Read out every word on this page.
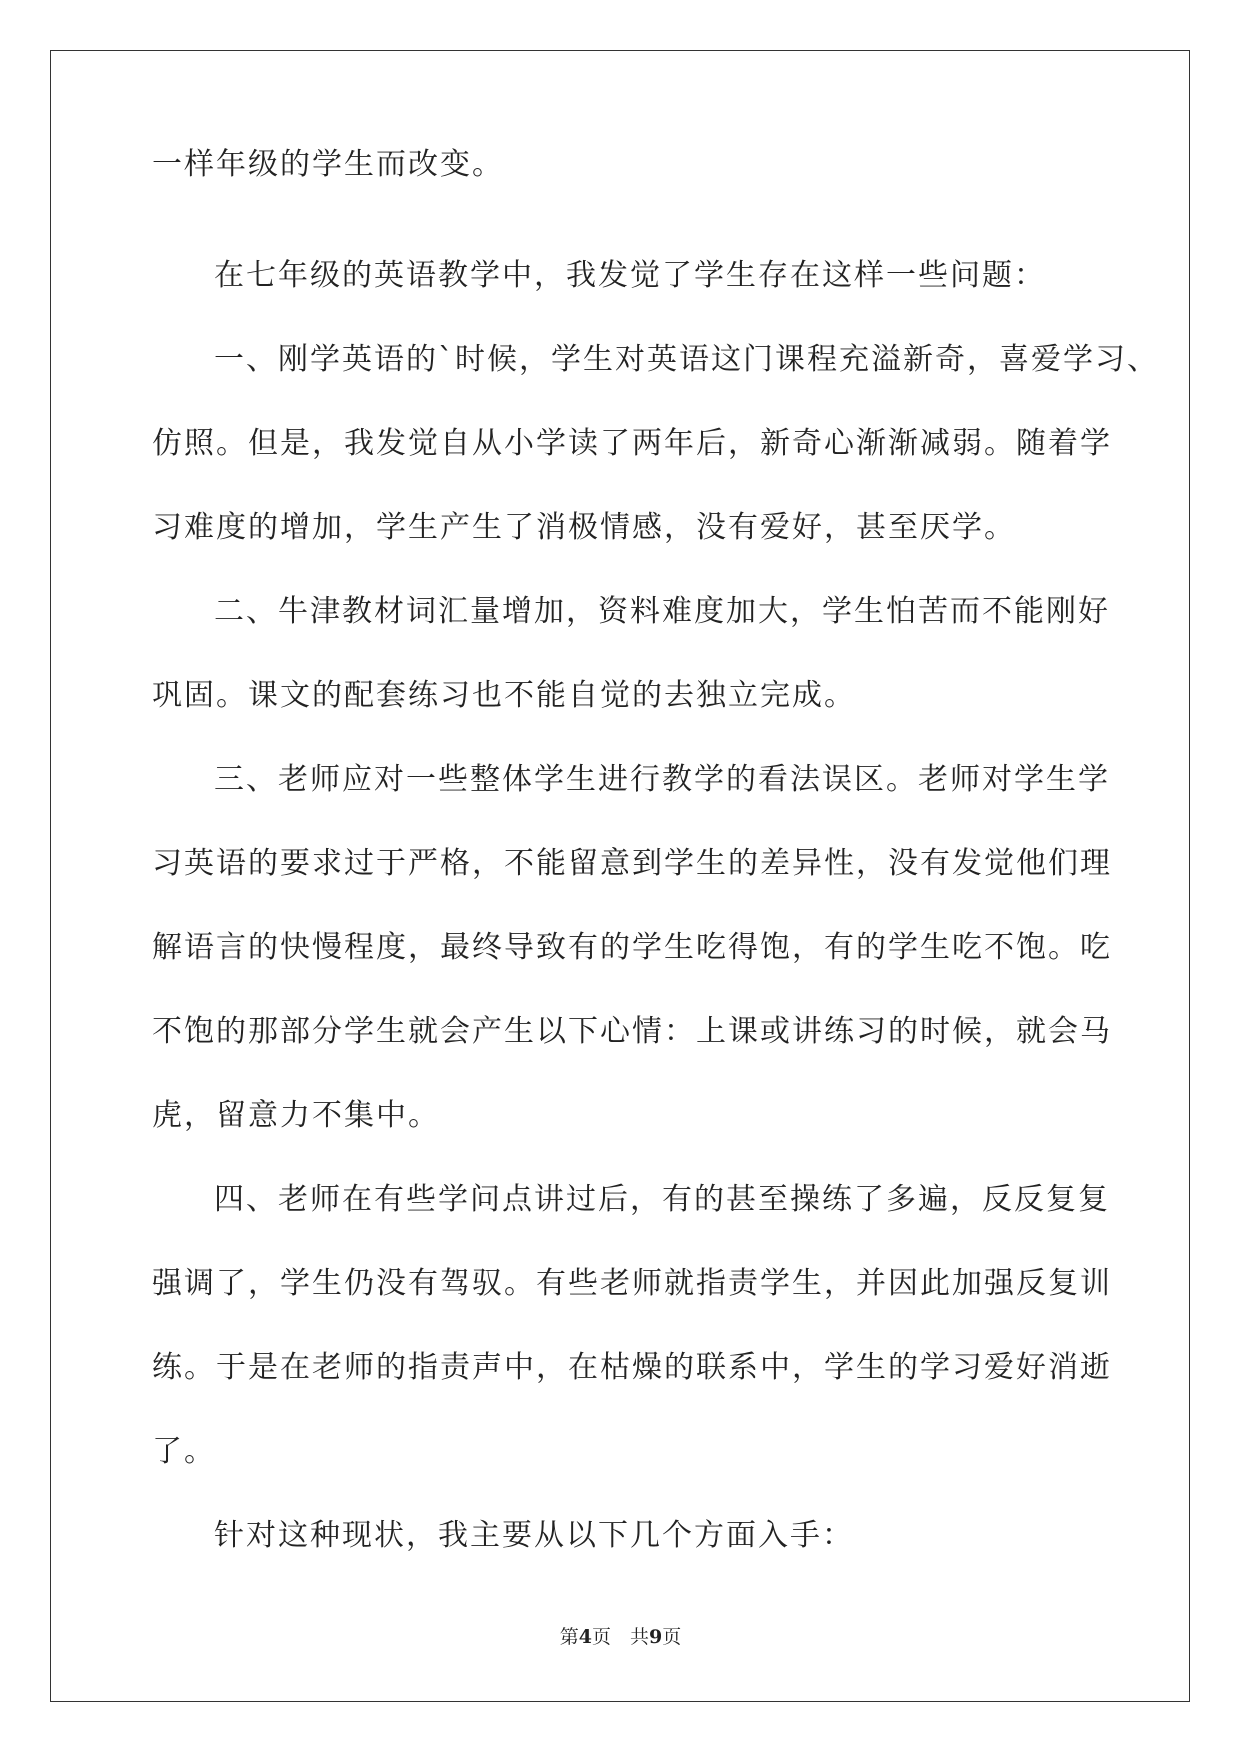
一样年级的学生而改变。
在七年级的英语教学中，我发觉了学生存在这样一些问题：
一、刚学英语的`时候，学生对英语这门课程充溢新奇，喜爱学习、
仿照。但是，我发觉自从小学读了两年后，新奇心渐渐减弱。随着学
习难度的增加，学生产生了消极情感，没有爱好，甚至厌学。
二、牛津教材词汇量增加，资料难度加大，学生怕苦而不能刚好
巩固。课文的配套练习也不能自觉的去独立完成。
三、老师应对一些整体学生进行教学的看法误区。老师对学生学
习英语的要求过于严格，不能留意到学生的差异性，没有发觉他们理
解语言的快慢程度，最终导致有的学生吃得饱，有的学生吃不饱。吃
不饱的那部分学生就会产生以下心情：上课或讲练习的时候，就会马
虎，留意力不集中。
四、老师在有些学问点讲过后，有的甚至操练了多遍，反反复复
强调了，学生仍没有驾驭。有些老师就指责学生，并因此加强反复训
练。于是在老师的指责声中，在枯燥的联系中，学生的学习爱好消逝
了。
针对这种现状，我主要从以下几个方面入手：
第4页　共9页
